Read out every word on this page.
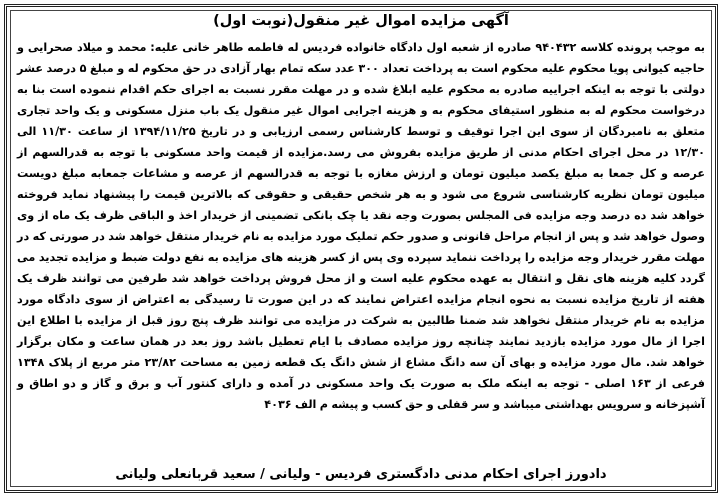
آگهی مزایده اموال غیر منقول(نوبت اول)
به موجب پرونده کلاسه ۹۴۰۴۳۲ صادره از شعبه اول دادگاه خانواده فردیس له فاطمه طاهر خانی علیه: محمد و میلاد صحرایی و حاجیه کیوانی پویا محکوم علیه محکوم است به پرداخت تعداد ۳۰۰ عدد سکه تمام بهار آزادی در حق محکوم له و مبلغ ۵ درصد عشر دولتی با توجه به اینکه اجراییه صادره به محکوم علیه ابلاغ شده و در مهلت مقرر نسبت به اجرای حکم اقدام ننموده است بنا به درخواست محکوم له به منظور استیفای محکوم به و هزینه اجرایی اموال غیر منقول یک باب منزل مسکونی و یک واحد تجاری متعلق به نامبردگان از سوی این اجرا توقیف و توسط کارشناس رسمی ارزیابی و در تاریخ ۱۳۹۴/۱۱/۲۵ از ساعت ۱۱/۳۰ الی ۱۲/۳۰ در محل اجرای احکام مدنی از طریق مزایده بفروش می رسد.مزایده از قیمت واحد مسکونی با توجه به قدرالسهم از عرصه و کل جمعا به مبلغ یکصد میلیون تومان و ارزش مغازه با توجه به قدرالسهم از عرصه و مشاعات جمعابه مبلغ دویست میلیون تومان نظریه کارشناسی شروع می شود و به هر شخص حقیقی و حقوقی که بالاترین قیمت را پیشنهاد نماید فروخته خواهد شد ده درصد وجه مزایده فی المجلس بصورت وجه نقد یا چک بانکی تضمینی از خریدار اخذ و الباقی ظرف یک ماه از وی وصول خواهد شد و پس از انجام مراحل قانونی و صدور حکم تملیک مورد مزایده به نام خریدار منتقل خواهد شد در صورتی که در مهلت مقرر خریدار وجه مزایده را پرداخت ننماید سپرده وی پس از کسر هزینه های مزایده به نفع دولت ضبط و مزایده تجدید می گردد کلیه هزینه های نقل و انتقال به عهده محکوم علیه است و از محل فروش پرداخت خواهد شد طرفین می توانند ظرف یک هفته از تاریخ مزایده نسبت به نحوه انجام مزایده اعتراض نمایند که در این صورت تا رسیدگی به اعتراض از سوی دادگاه مورد مزایده به نام خریدار منتقل نخواهد شد ضمنا طالبین به شرکت در مزایده می توانند ظرف پنج روز قبل از مزایده با اطلاع این اجرا از مال مورد مزایده بازدید نمایند چنانچه روز مزایده مصادف با ایام تعطیل باشد روز بعد در همان ساعت و مکان برگزار خواهد شد. مال مورد مزایده و بهای آن سه دانگ مشاع از شش دانگ یک قطعه زمین به مساحت ۲۳/۸۲ متر مربع از پلاک ۱۳۴۸ فرعی از ۱۶۳ اصلی - توجه به اینکه ملک به صورت یک واحد مسکونی در آمده و دارای کنتور آب و برق و گاز و دو اطاق و آشپزخانه و سرویس بهداشتی میباشد و سر قفلی و حق کسب و پیشه م الف ۴۰۳۶
دادورز اجرای احکام مدنی دادگستری فردیس - ولیانی / سعید قربانعلی ولیانی
